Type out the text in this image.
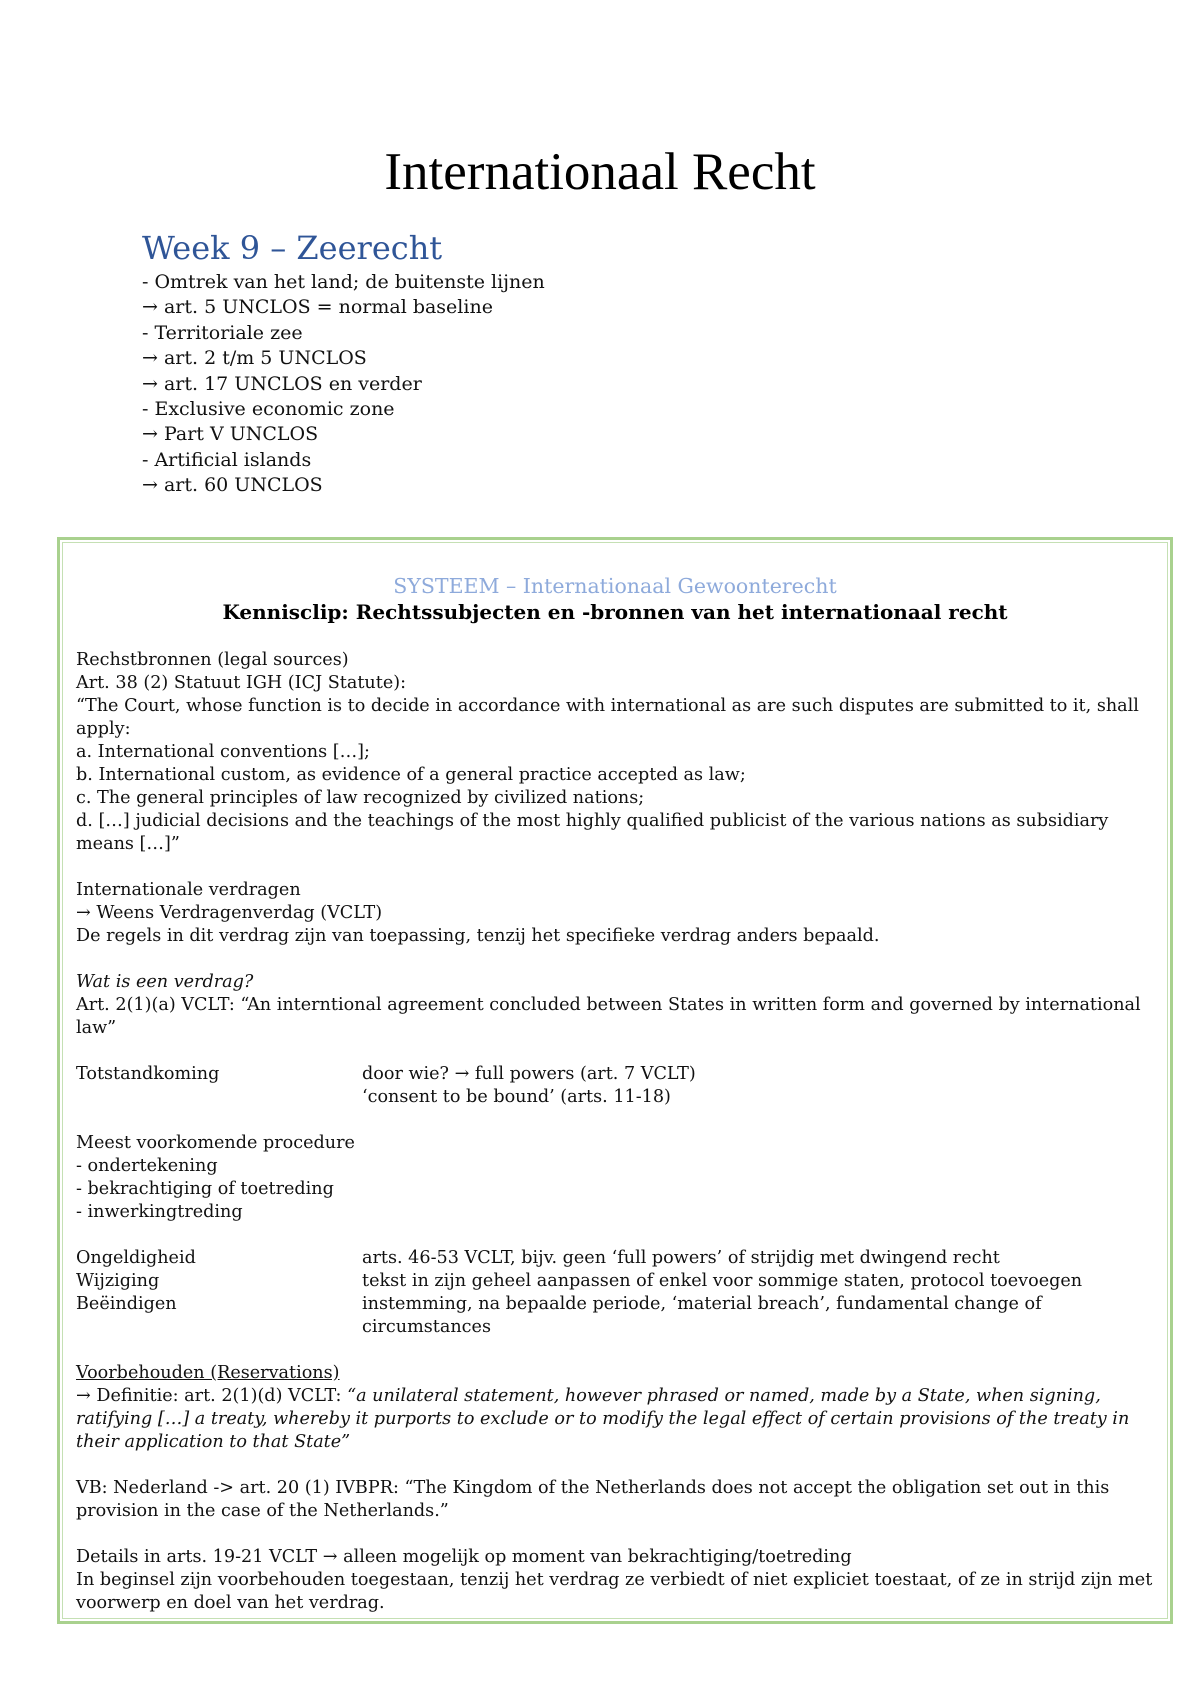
Internationaal Recht
Week 9 – Zeerecht
- Omtrek van het land; de buitenste lijnen
→ art. 5 UNCLOS = normal baseline
- Territoriale zee
→ art. 2 t/m 5 UNCLOS
→ art. 17 UNCLOS en verder
- Exclusive economic zone
→ Part V UNCLOS
- Artificial islands
→ art. 60 UNCLOS
SYSTEEM – Internationaal Gewoonterecht
Kennisclip: Rechtssubjecten en -bronnen van het internationaal recht
Rechstbronnen (legal sources)
Art. 38 (2) Statuut IGH (ICJ Statute):
“The Court, whose function is to decide in accordance with international as are such disputes are submitted to it, shall apply:
a. International conventions […];
b. International custom, as evidence of a general practice accepted as law;
c. The general principles of law recognized by civilized nations;
d. […] judicial decisions and the teachings of the most highly qualified publicist of the various nations as subsidiary means […]”
Internationale verdragen
→ Weens Verdragenverdag (VCLT)
De regels in dit verdrag zijn van toepassing, tenzij het specifieke verdrag anders bepaald.
Wat is een verdrag?
Art. 2(1)(a) VCLT: “An interntional agreement concluded between States in written form and governed by international law”
Totstandkoming	door wie? → full powers (art. 7 VCLT)
‘consent to be bound’ (arts. 11-18)
Meest voorkomende procedure
- ondertekening
- bekrachtiging of toetreding
- inwerkingtreding
Ongeldigheid	arts. 46-53 VCLT, bijv. geen ‘full powers’ of strijdig met dwingend recht
Wijziging	tekst in zijn geheel aanpassen of enkel voor sommige staten, protocol toevoegen
Beëindigen	instemming, na bepaalde periode, ‘material breach’, fundamental change of circumstances
Voorbehouden (Reservations)
→ Definitie: art. 2(1)(d) VCLT: “a unilateral statement, however phrased or named, made by a State, when signing, ratifying […] a treaty, whereby it purports to exclude or to modify the legal effect of certain provisions of the treaty in their application to that State”
VB: Nederland -> art. 20 (1) IVBPR: “The Kingdom of the Netherlands does not accept the obligation set out in this provision in the case of the Netherlands.”
Details in arts. 19-21 VCLT → alleen mogelijk op moment van bekrachtiging/toetreding
In beginsel zijn voorbehouden toegestaan, tenzij het verdrag ze verbiedt of niet expliciet toestaat, of ze in strijd zijn met voorwerp en doel van het verdrag.
